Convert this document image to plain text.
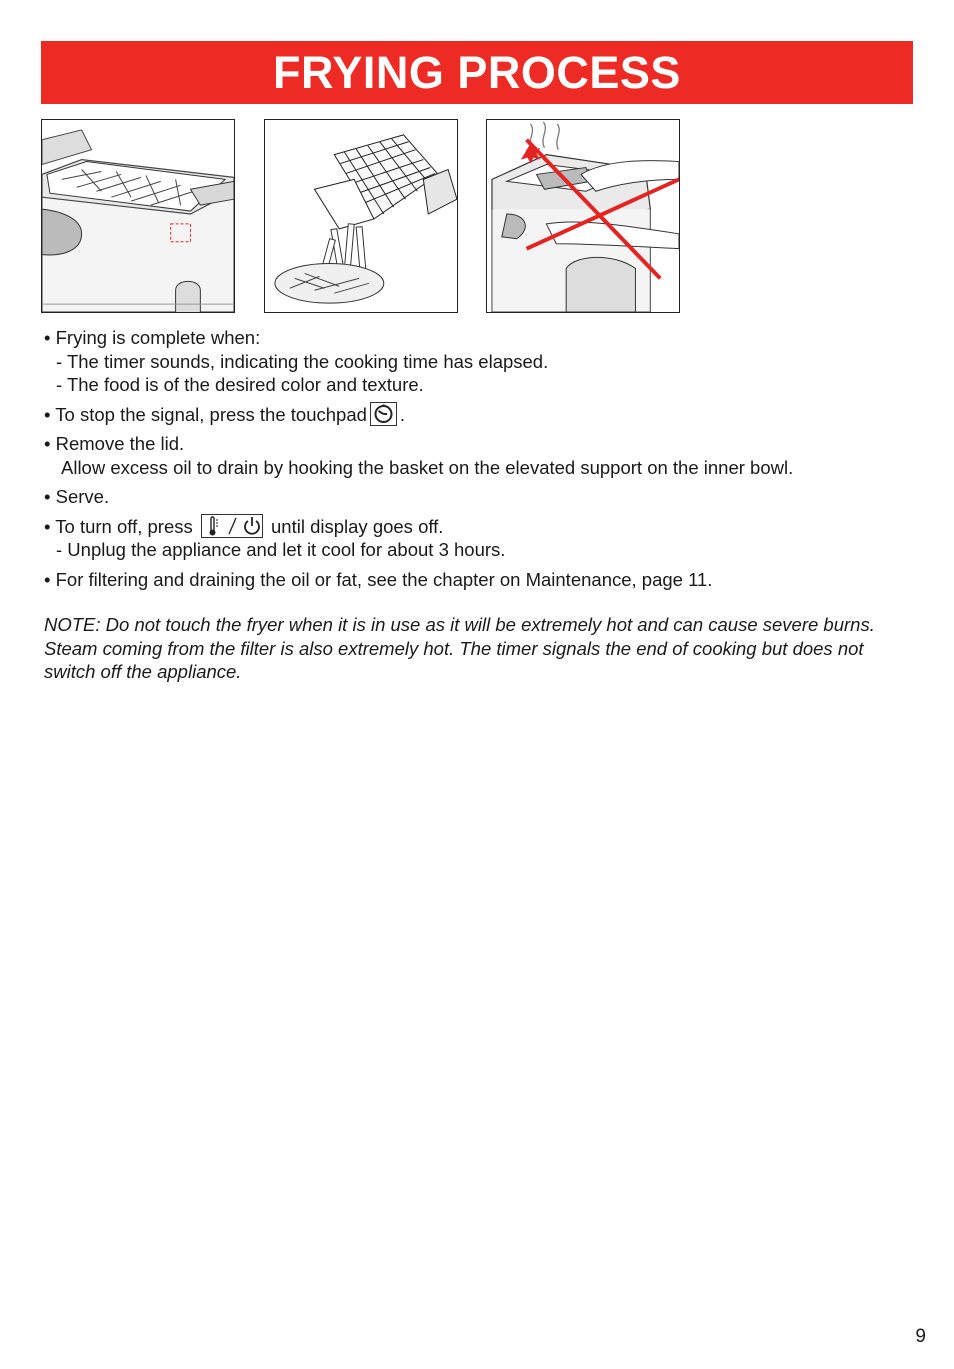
FRYING PROCESS

• Frying is complete when:

- The timer sounds, indicating the cooking time has elapsed.

- The food is of the desired color and texture.

• To stop the signal, press the touchpad .

• Remove the lid.

Allow excess oil to drain by hooking the basket on the elevated support on the inner bowl.

• Serve.

• To turn off, press	until display goes off.

- Unplug the appliance and let it cool for about 3 hours.

• For filtering and draining the oil or fat, see the chapter on Maintenance, page 11.

NOTE: Do not touch the fryer when it is in use as it will be extremely hot and can cause severe burns. Steam coming from the filter is also extremely hot. The timer signals the end of cooking but does not switch off the appliance.

9
